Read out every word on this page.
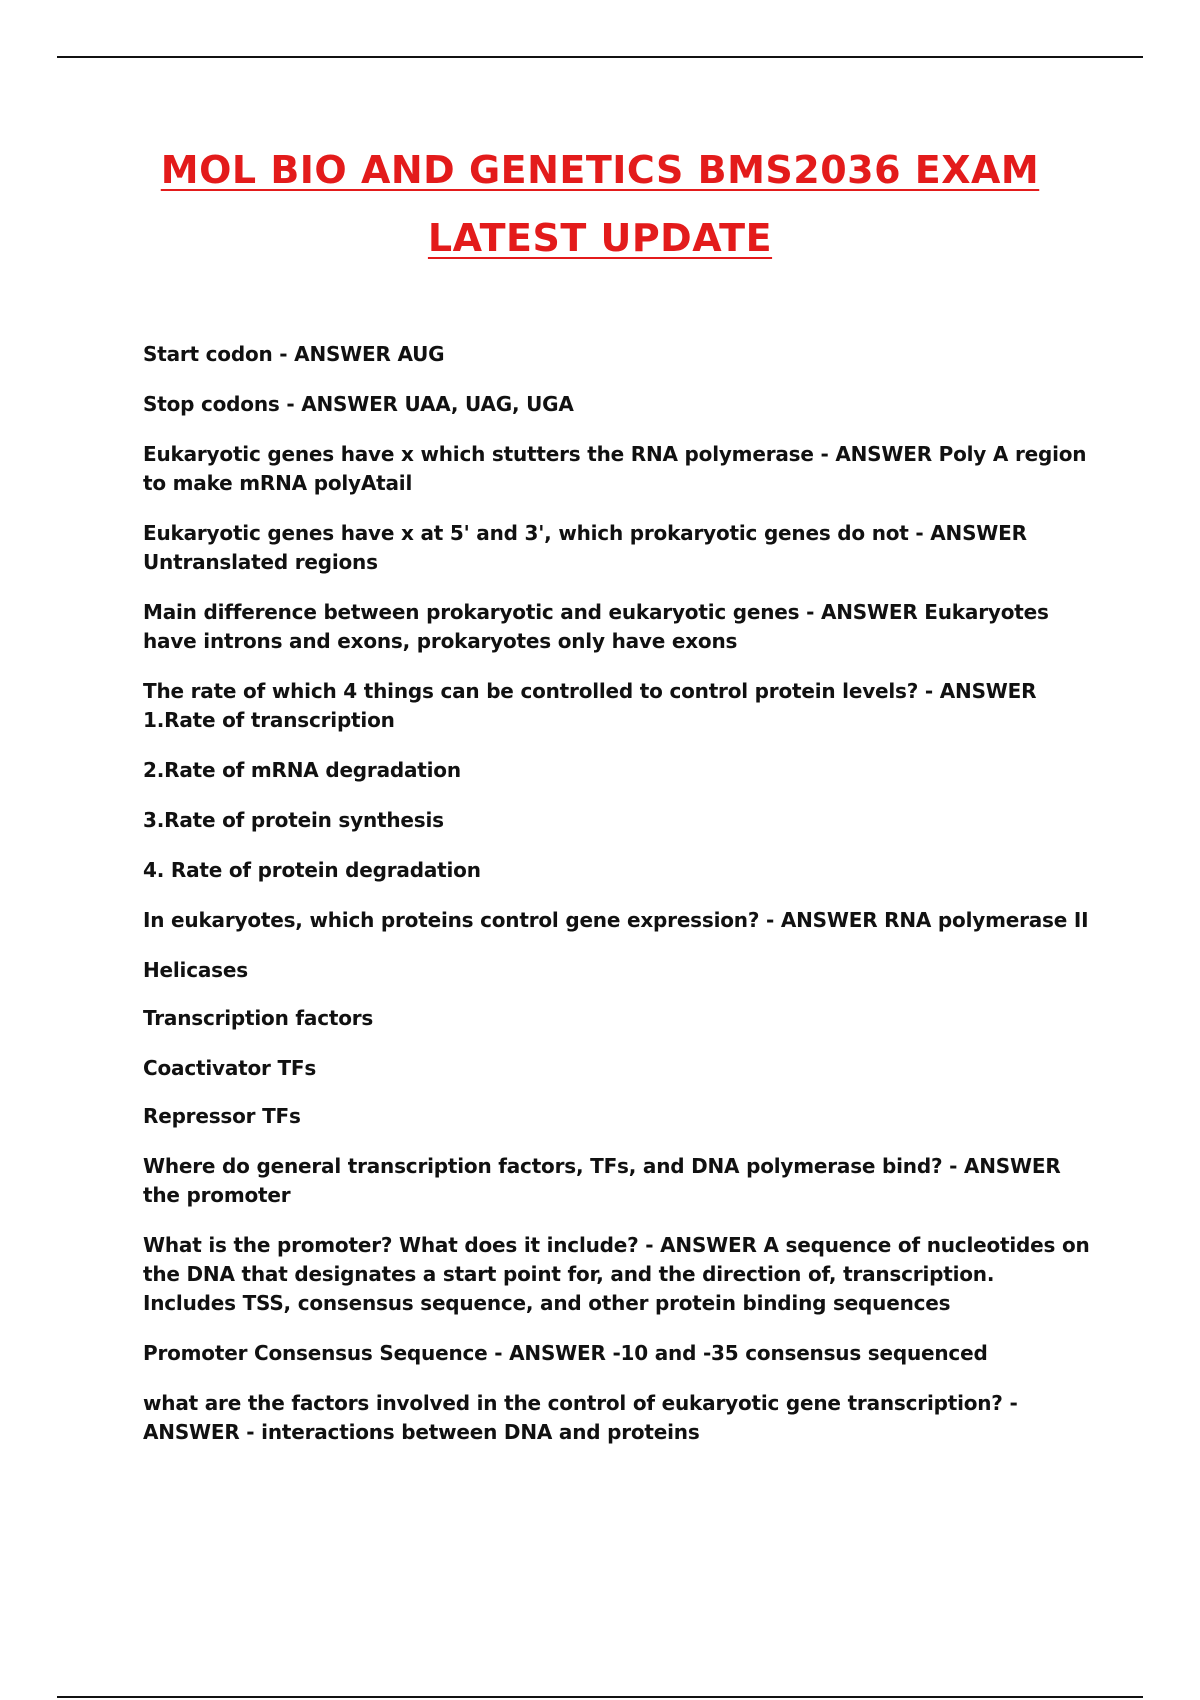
MOL BIO AND GENETICS BMS2036 EXAM
LATEST UPDATE
Start codon - ANSWER AUG
Stop codons - ANSWER UAA, UAG, UGA
Eukaryotic genes have x which stutters the RNA polymerase - ANSWER Poly A region to make mRNA polyAtail
Eukaryotic genes have x at 5' and 3', which prokaryotic genes do not - ANSWER Untranslated regions
Main difference between prokaryotic and eukaryotic genes - ANSWER Eukaryotes have introns and exons, prokaryotes only have exons
The rate of which 4 things can be controlled to control protein levels? - ANSWER 1.Rate of transcription
2.Rate of mRNA degradation
3.Rate of protein synthesis
4. Rate of protein degradation
In eukaryotes, which proteins control gene expression? - ANSWER RNA polymerase II
Helicases
Transcription factors
Coactivator TFs
Repressor TFs
Where do general transcription factors, TFs, and DNA polymerase bind? - ANSWER the promoter
What is the promoter? What does it include? - ANSWER A sequence of nucleotides on the DNA that designates a start point for, and the direction of, transcription. Includes TSS, consensus sequence, and other protein binding sequences
Promoter Consensus Sequence - ANSWER -10 and -35 consensus sequenced
what are the factors involved in the control of eukaryotic gene transcription? - ANSWER - interactions between DNA and proteins
